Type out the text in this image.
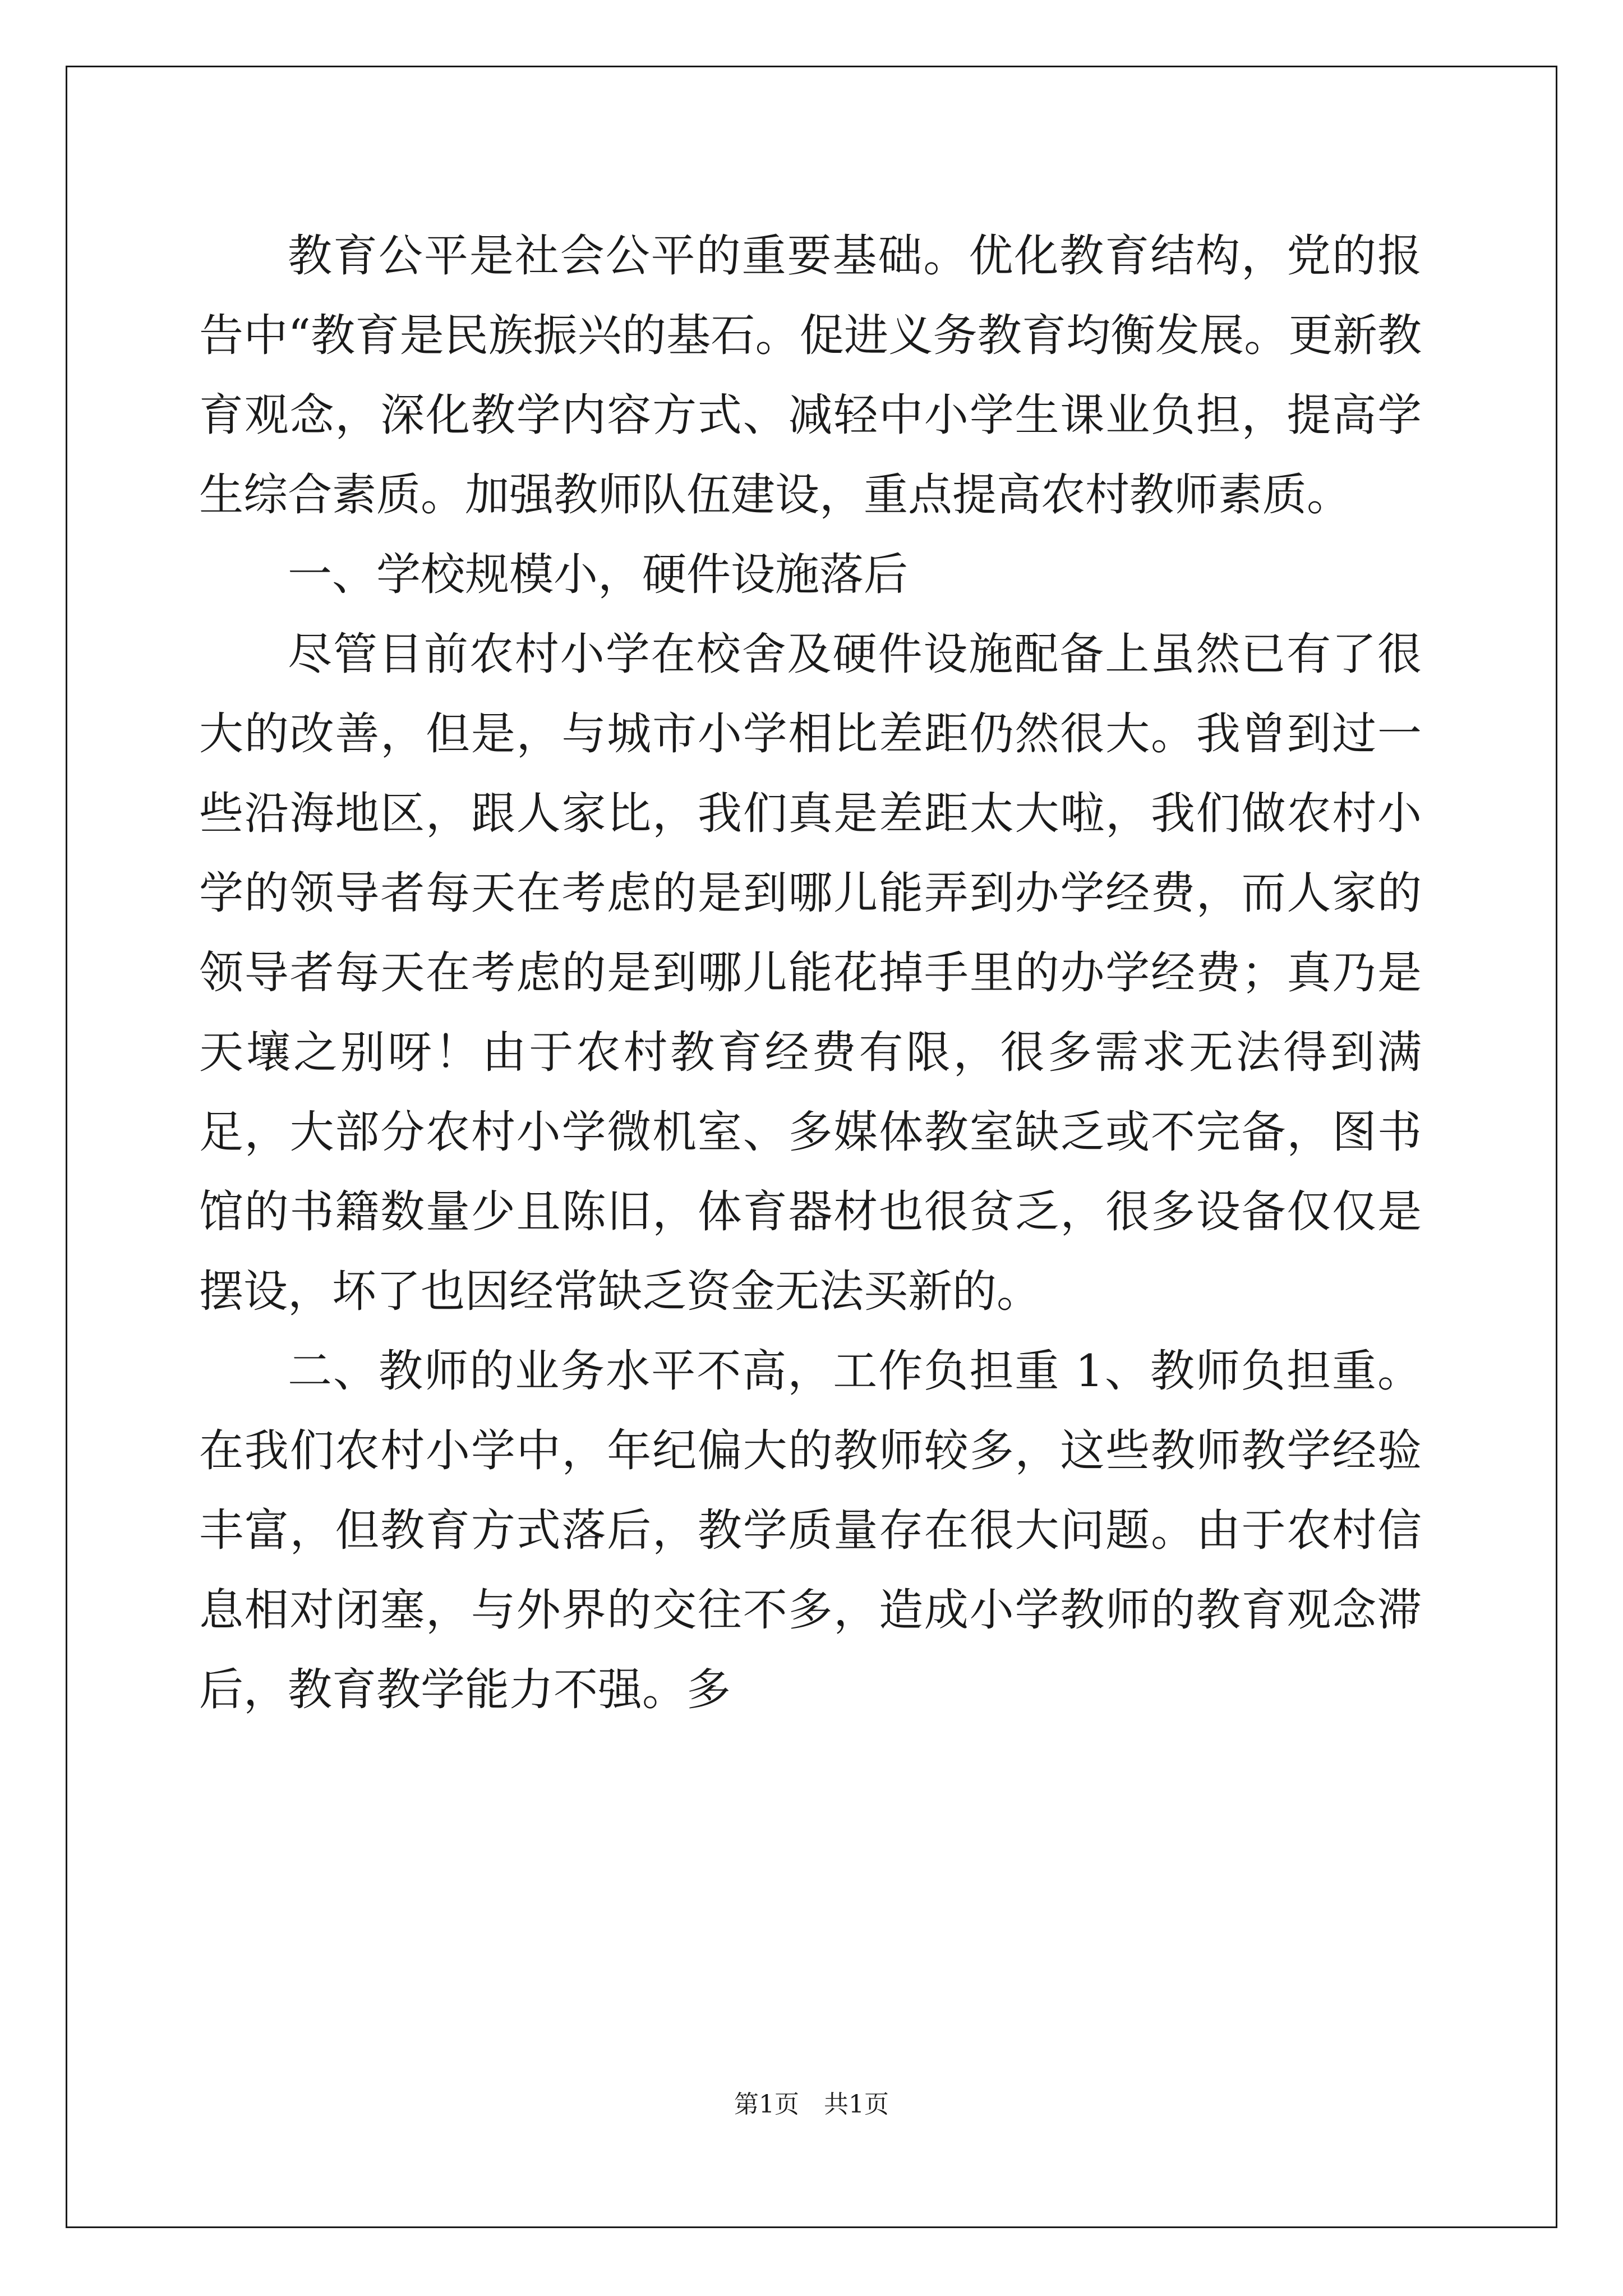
教育公平是社会公平的重要基础。优化教育结构，党的报告中“教育是民族振兴的基石。促进义务教育均衡发展。更新教育观念，深化教学内容方式、减轻中小学生课业负担，提高学生综合素质。加强教师队伍建设，重点提高农村教师素质。

一、学校规模小，硬件设施落后

尽管目前农村小学在校舍及硬件设施配备上虽然已有了很大的改善，但是，与城市小学相比差距仍然很大。我曾到过一些沿海地区，跟人家比，我们真是差距太大啦，我们做农村小学的领导者每天在考虑的是到哪儿能弄到办学经费，而人家的领导者每天在考虑的是到哪儿能花掉手里的办学经费；真乃是天壤之别呀！由于农村教育经费有限，很多需求无法得到满足，大部分农村小学微机室、多媒体教室缺乏或不完备，图书馆的书籍数量少且陈旧，体育器材也很贫乏，很多设备仅仅是摆设，坏了也因经常缺乏资金无法买新的。

二、教师的业务水平不高，工作负担重 1、教师负担重。在我们农村小学中，年纪偏大的教师较多，这些教师教学经验丰富，但教育方式落后，教学质量存在很大问题。由于农村信息相对闭塞，与外界的交往不多，造成小学教师的教育观念滞后，教育教学能力不强。多

第1页　共1页
